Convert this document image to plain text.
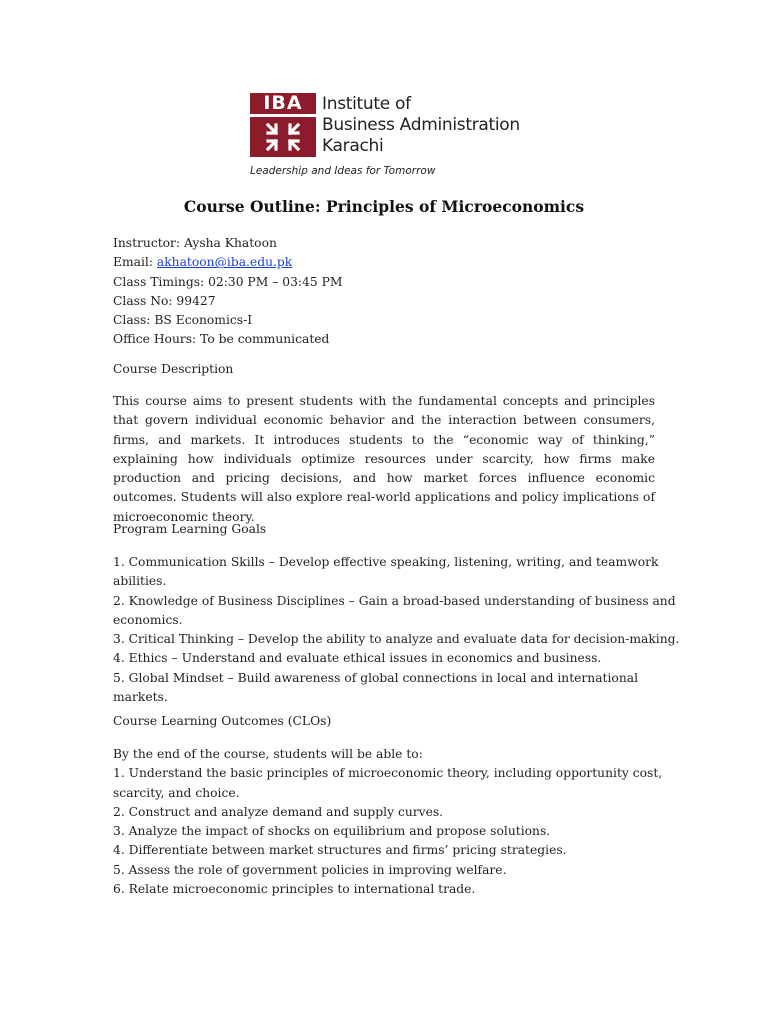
IBA	Institute of
Business Administration
Karachi
Leadership and Ideas for Tomorrow
Course Outline: Principles of Microeconomics
Instructor: Aysha Khatoon
Email: akhatoon@iba.edu.pk
Class Timings: 02:30 PM – 03:45 PM
Class No: 99427
Class: BS Economics-I
Office Hours: To be communicated
Course Description
This course aims to present students with the fundamental concepts and principles that govern individual economic behavior and the interaction between consumers, firms, and markets. It introduces students to the “economic way of thinking,” explaining how individuals optimize resources under scarcity, how firms make production and pricing decisions, and how market forces influence economic outcomes. Students will also explore real-world applications and policy implications of microeconomic theory.
Program Learning Goals
1. Communication Skills – Develop effective speaking, listening, writing, and teamwork
abilities.
2. Knowledge of Business Disciplines – Gain a broad-based understanding of business and
economics.
3. Critical Thinking – Develop the ability to analyze and evaluate data for decision-making.
4. Ethics – Understand and evaluate ethical issues in economics and business.
5. Global Mindset – Build awareness of global connections in local and international
markets.
Course Learning Outcomes (CLOs)
By the end of the course, students will be able to:
1. Understand the basic principles of microeconomic theory, including opportunity cost,
scarcity, and choice.
2. Construct and analyze demand and supply curves.
3. Analyze the impact of shocks on equilibrium and propose solutions.
4. Differentiate between market structures and firms’ pricing strategies.
5. Assess the role of government policies in improving welfare.
6. Relate microeconomic principles to international trade.
